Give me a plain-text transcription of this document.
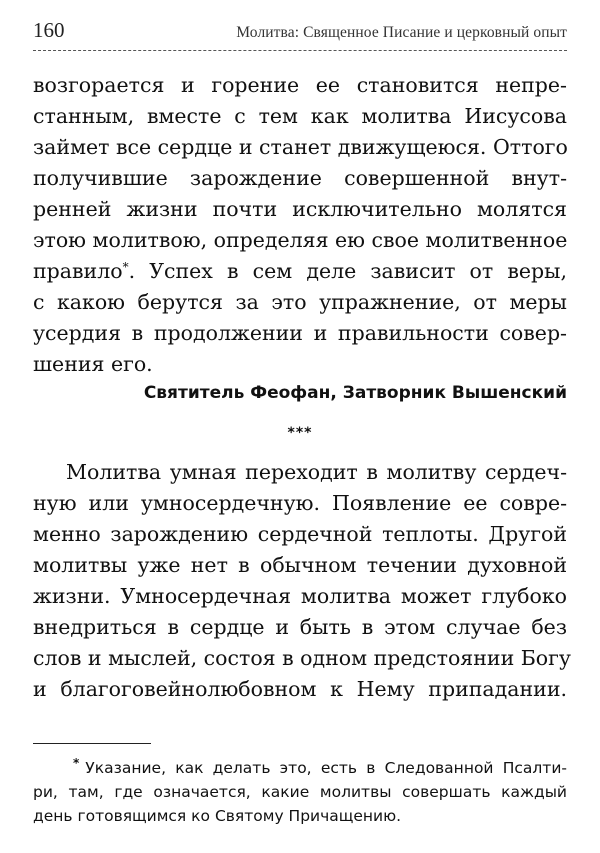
160	Молитва: Священное Писание и церковный опыт
возгорается и горение ее становится непре-
станным, вместе с тем как молитва Иисусова
займет все сердце и станет движущеюся. Оттого
получившие зарождение совершенной внут-
ренней жизни почти исключительно молятся
этою молитвою, определяя ею свое молитвенное
правило*. Успех в сем деле зависит от веры,
с какою берутся за это упражнение, от меры
усердия в продолжении и правильности совер-
шения его.
Святитель Феофан, Затворник Вышенский
***
Молитва умная переходит в молитву сердеч-
ную или умносердечную. Появление ее совре-
менно зарождению сердечной теплоты. Другой
молитвы уже нет в обычном течении духовной
жизни. Умносердечная молитва может глубоко
внедриться в сердце и быть в этом случае без
слов и мыслей, состоя в одном предстоянии Богу
и благоговейнолюбовном к Нему припадании.
* Указание, как делать это, есть в Следованной Псалти-
ри, там, где означается, какие молитвы совершать каждый
день готовящимся ко Святому Причащению.
